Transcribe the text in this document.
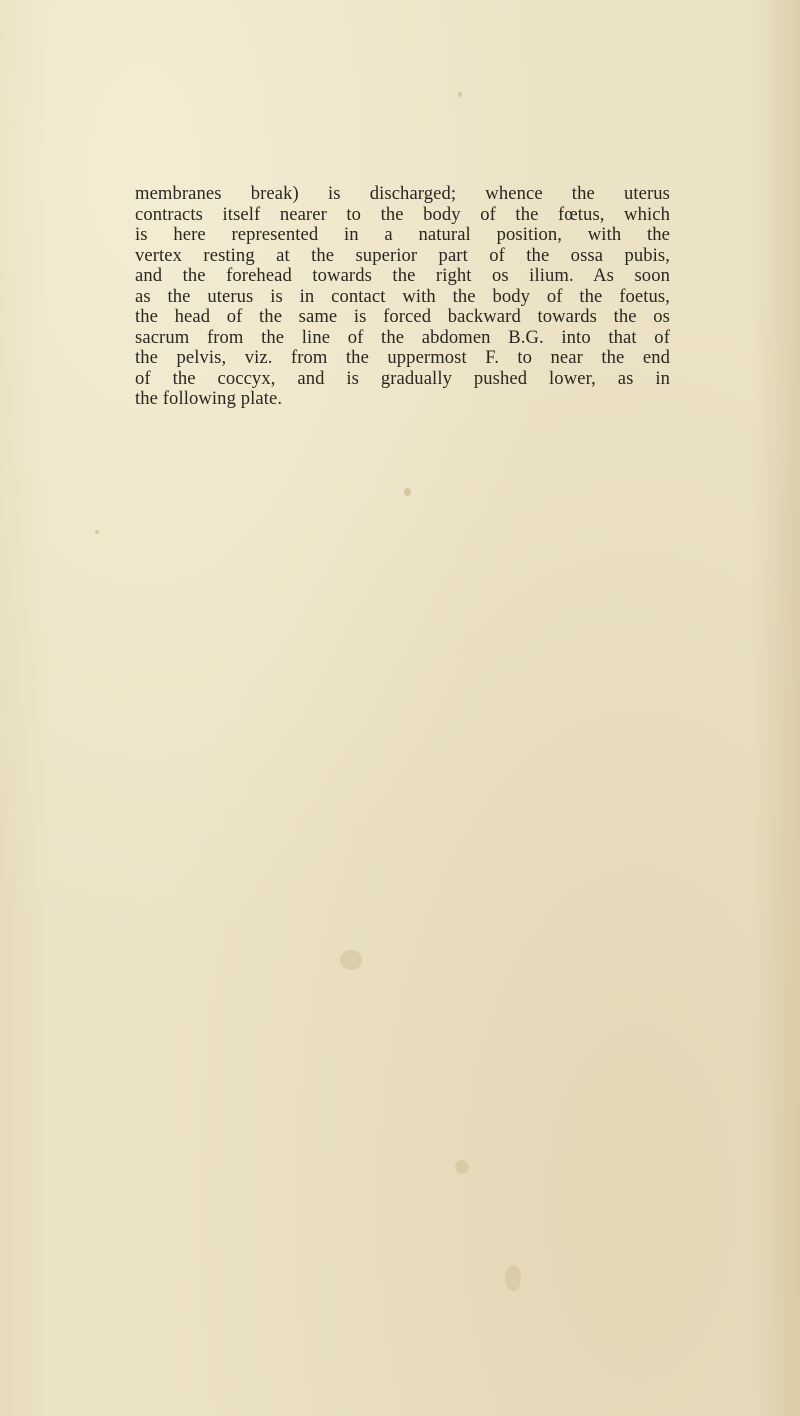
membranes break) is discharged; whence the uterus
contracts itself nearer to the body of the fœtus, which
is here represented in a natural position, with the
vertex resting at the superior part of the ossa pubis,
and the forehead towards the right os ilium. As soon
as the uterus is in contact with the body of the foetus,
the head of the same is forced backward towards the os
sacrum from the line of the abdomen B.G. into that of
the pelvis, viz. from the uppermost F. to near the end
of the coccyx, and is gradually pushed lower, as in
the following plate.
